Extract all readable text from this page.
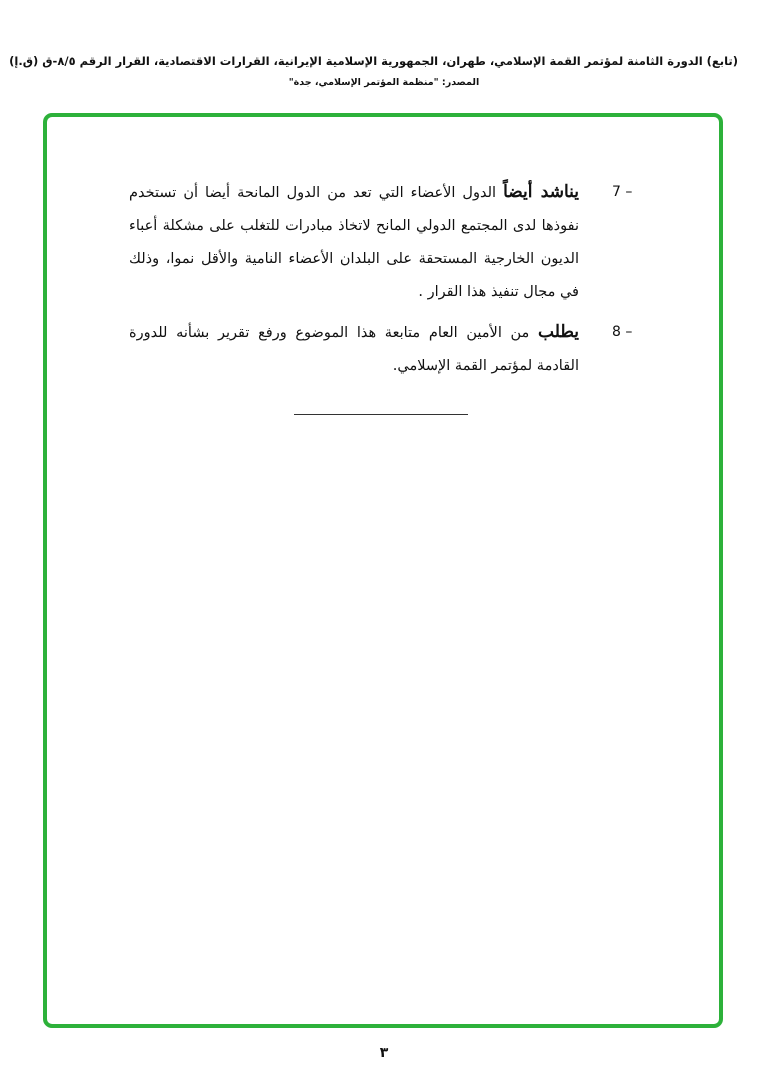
(تابع) الدورة الثامنة لمؤتمر القمة الإسلامي، طهران، الجمهورية الإسلامية الإيرانية، القرارات الاقتصادية، القرار الرقم ٨/٥-ق (ق.إ)
المصدر: "منظمة المؤتمر الإسلامي، جدة"
7 –
يناشد أيضاً الدول الأعضاء التي تعد من الدول المانحة أيضا أن تستخدم نفوذها لدى المجتمع الدولي المانح لاتخاذ مبادرات للتغلب على مشكلة أعباء الديون الخارجية المستحقة على البلدان الأعضاء النامية والأقل نموا، وذلك في مجال تنفيذ هذا القرار .
8 –
يطلب من الأمين العام متابعة هذا الموضوع ورفع تقرير بشأنه للدورة القادمة لمؤتمر القمة الإسلامي.
٣
